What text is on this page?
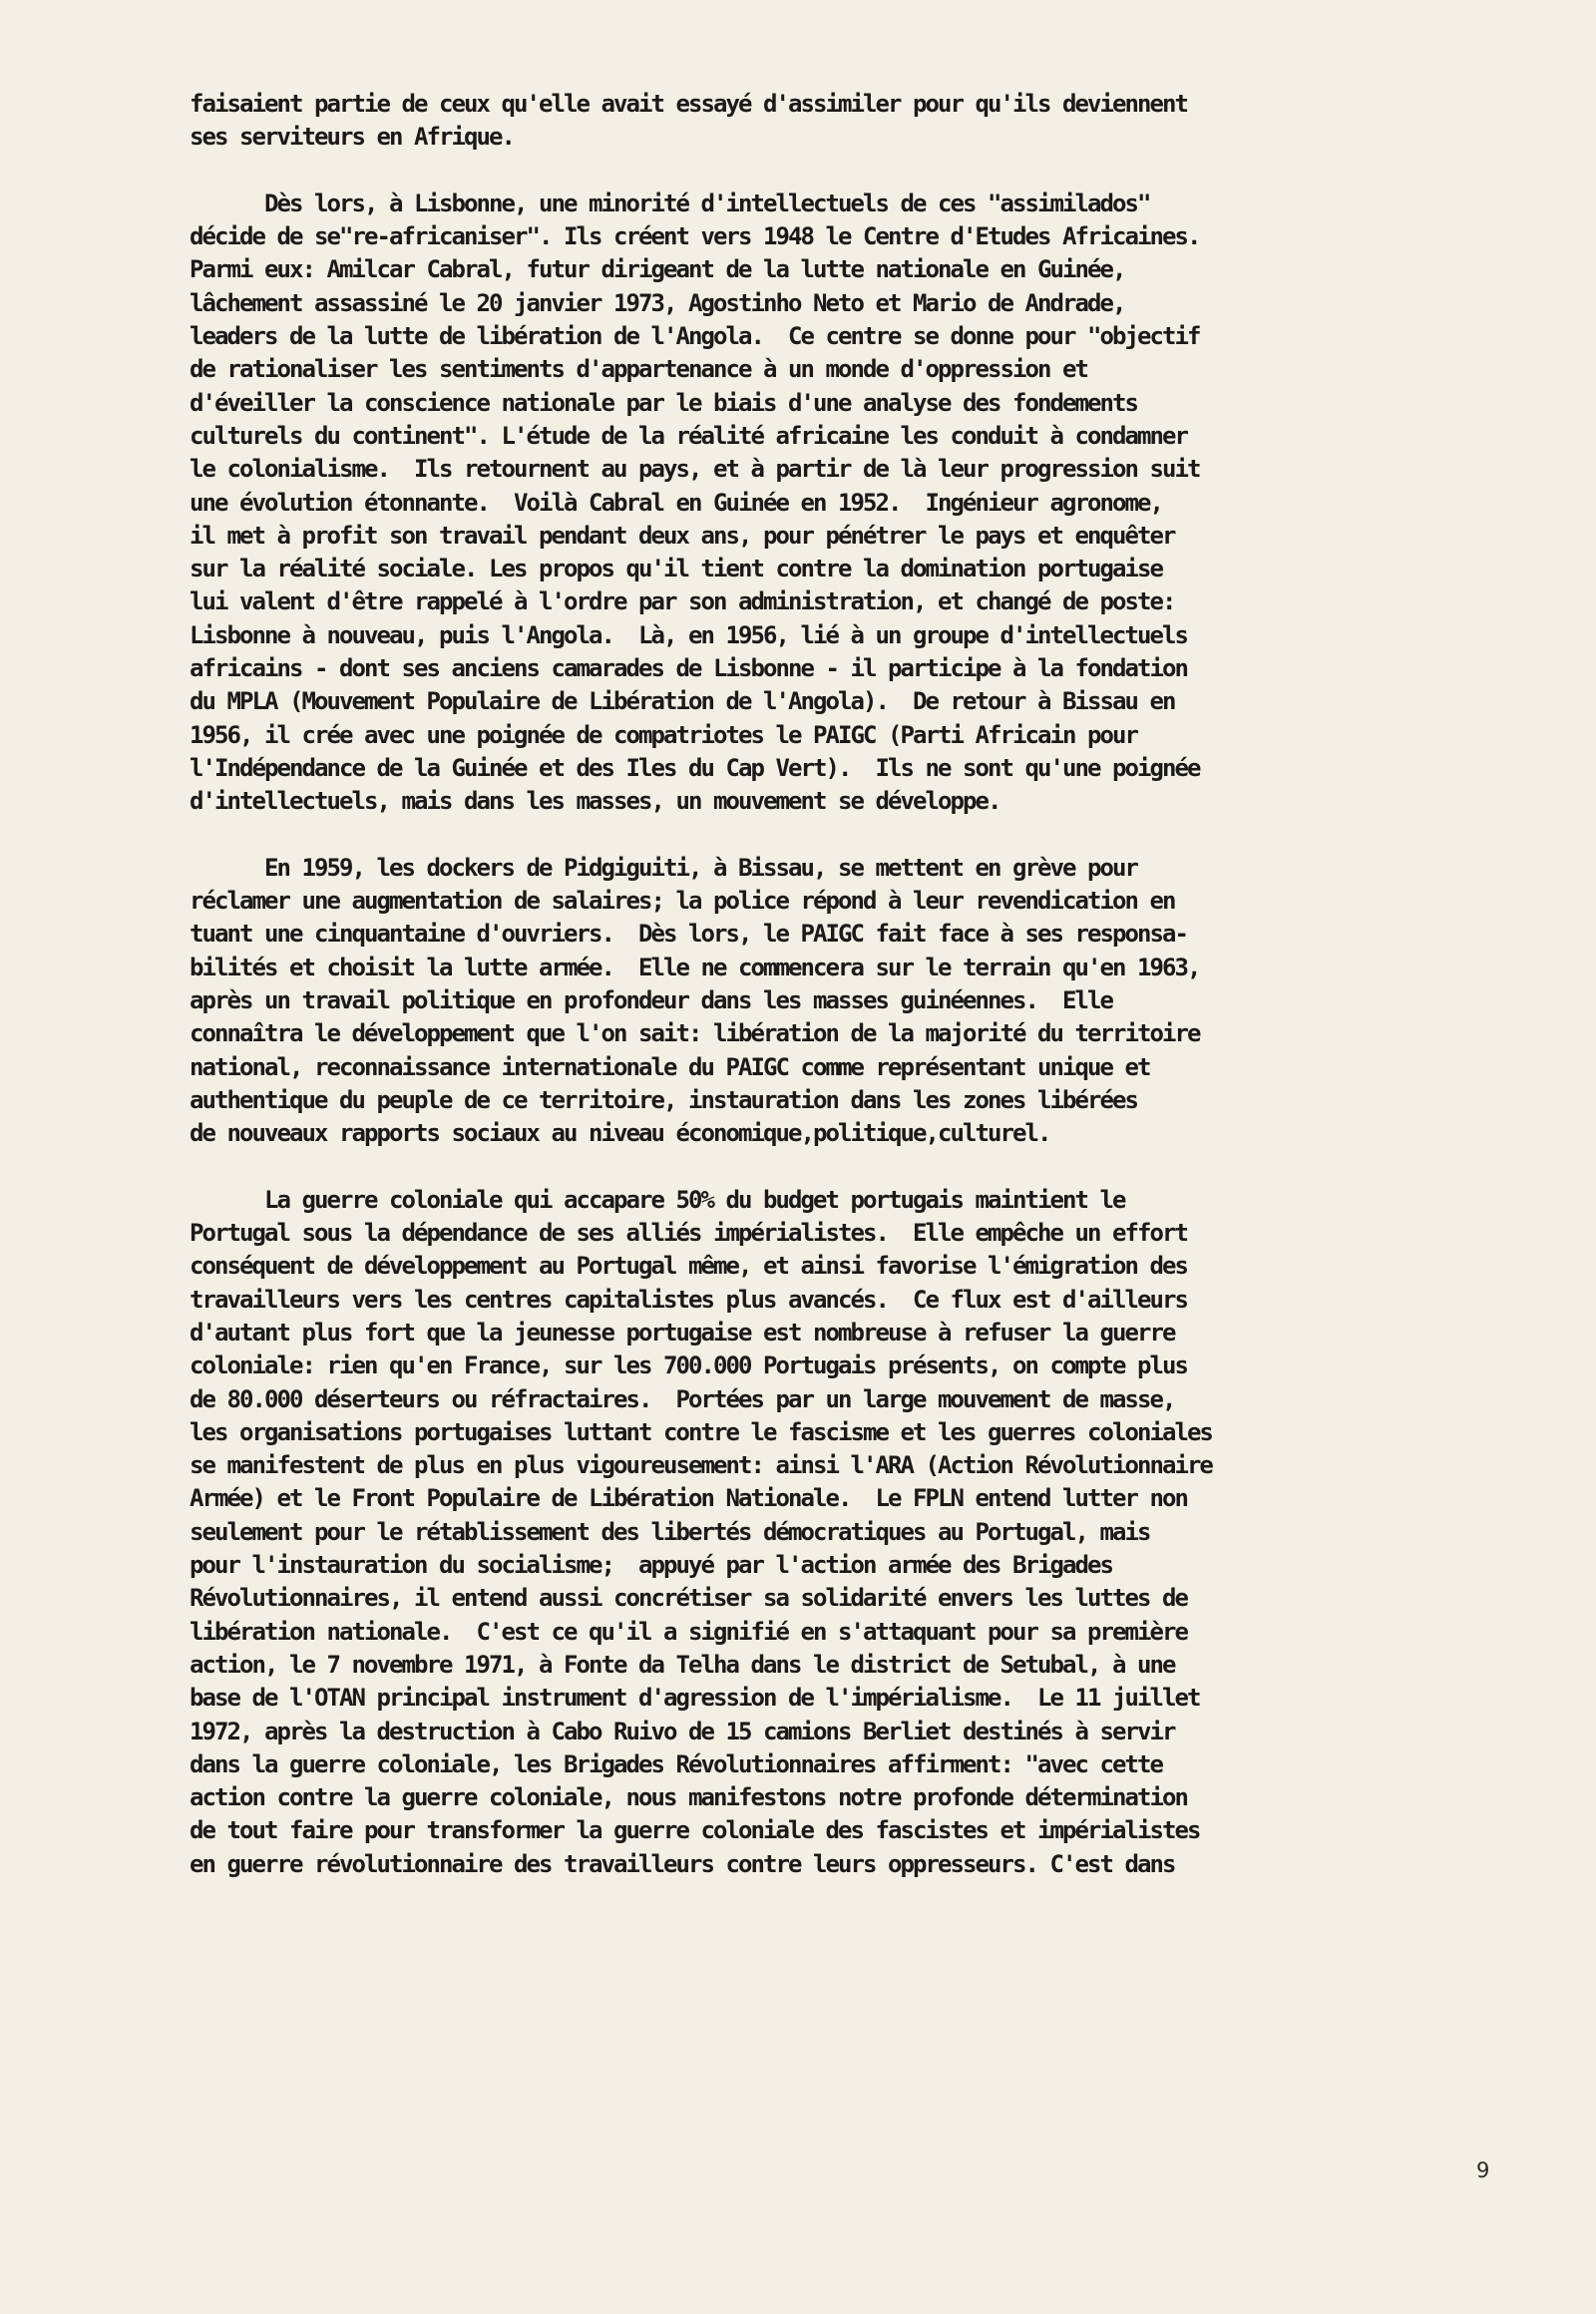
faisaient partie de ceux qu'elle avait essayé d'assimiler pour qu'ils deviennent
ses serviteurs en Afrique.
Dès lors, à Lisbonne, une minorité d'intellectuels de ces "assimilados"
décide de se"re-africaniser". Ils créent vers 1948 le Centre d'Etudes Africaines.
Parmi eux: Amilcar Cabral, futur dirigeant de la lutte nationale en Guinée,
lâchement assassiné le 20 janvier 1973, Agostinho Neto et Mario de Andrade,
leaders de la lutte de libération de l'Angola.  Ce centre se donne pour "objectif
de rationaliser les sentiments d'appartenance à un monde d'oppression et
d'éveiller la conscience nationale par le biais d'une analyse des fondements
culturels du continent". L'étude de la réalité africaine les conduit à condamner
le colonialisme.  Ils retournent au pays, et à partir de là leur progression suit
une évolution étonnante.  Voilà Cabral en Guinée en 1952.  Ingénieur agronome,
il met à profit son travail pendant deux ans, pour pénétrer le pays et enquêter
sur la réalité sociale. Les propos qu'il tient contre la domination portugaise
lui valent d'être rappelé à l'ordre par son administration, et changé de poste:
Lisbonne à nouveau, puis l'Angola.  Là, en 1956, lié à un groupe d'intellectuels
africains - dont ses anciens camarades de Lisbonne - il participe à la fondation
du MPLA (Mouvement Populaire de Libération de l'Angola).  De retour à Bissau en
1956, il crée avec une poignée de compatriotes le PAIGC (Parti Africain pour
l'Indépendance de la Guinée et des Iles du Cap Vert).  Ils ne sont qu'une poignée
d'intellectuels, mais dans les masses, un mouvement se développe.
En 1959, les dockers de Pidgiguiti, à Bissau, se mettent en grève pour
réclamer une augmentation de salaires; la police répond à leur revendication en
tuant une cinquantaine d'ouvriers.  Dès lors, le PAIGC fait face à ses responsa-
bilités et choisit la lutte armée.  Elle ne commencera sur le terrain qu'en 1963,
après un travail politique en profondeur dans les masses guinéennes.  Elle
connaîtra le développement que l'on sait: libération de la majorité du territoire
national, reconnaissance internationale du PAIGC comme représentant unique et
authentique du peuple de ce territoire, instauration dans les zones libérées
de nouveaux rapports sociaux au niveau économique,politique,culturel.
La guerre coloniale qui accapare 50% du budget portugais maintient le
Portugal sous la dépendance de ses alliés impérialistes.  Elle empêche un effort
conséquent de développement au Portugal même, et ainsi favorise l'émigration des
travailleurs vers les centres capitalistes plus avancés.  Ce flux est d'ailleurs
d'autant plus fort que la jeunesse portugaise est nombreuse à refuser la guerre
coloniale: rien qu'en France, sur les 700.000 Portugais présents, on compte plus
de 80.000 déserteurs ou réfractaires.  Portées par un large mouvement de masse,
les organisations portugaises luttant contre le fascisme et les guerres coloniales
se manifestent de plus en plus vigoureusement: ainsi l'ARA (Action Révolutionnaire
Armée) et le Front Populaire de Libération Nationale.  Le FPLN entend lutter non
seulement pour le rétablissement des libertés démocratiques au Portugal, mais
pour l'instauration du socialisme;  appuyé par l'action armée des Brigades
Révolutionnaires, il entend aussi concrétiser sa solidarité envers les luttes de
libération nationale.  C'est ce qu'il a signifié en s'attaquant pour sa première
action, le 7 novembre 1971, à Fonte da Telha dans le district de Setubal, à une
base de l'OTAN principal instrument d'agression de l'impérialisme.  Le 11 juillet
1972, après la destruction à Cabo Ruivo de 15 camions Berliet destinés à servir
dans la guerre coloniale, les Brigades Révolutionnaires affirment: "avec cette
action contre la guerre coloniale, nous manifestons notre profonde détermination
de tout faire pour transformer la guerre coloniale des fascistes et impérialistes
en guerre révolutionnaire des travailleurs contre leurs oppresseurs. C'est dans
9
